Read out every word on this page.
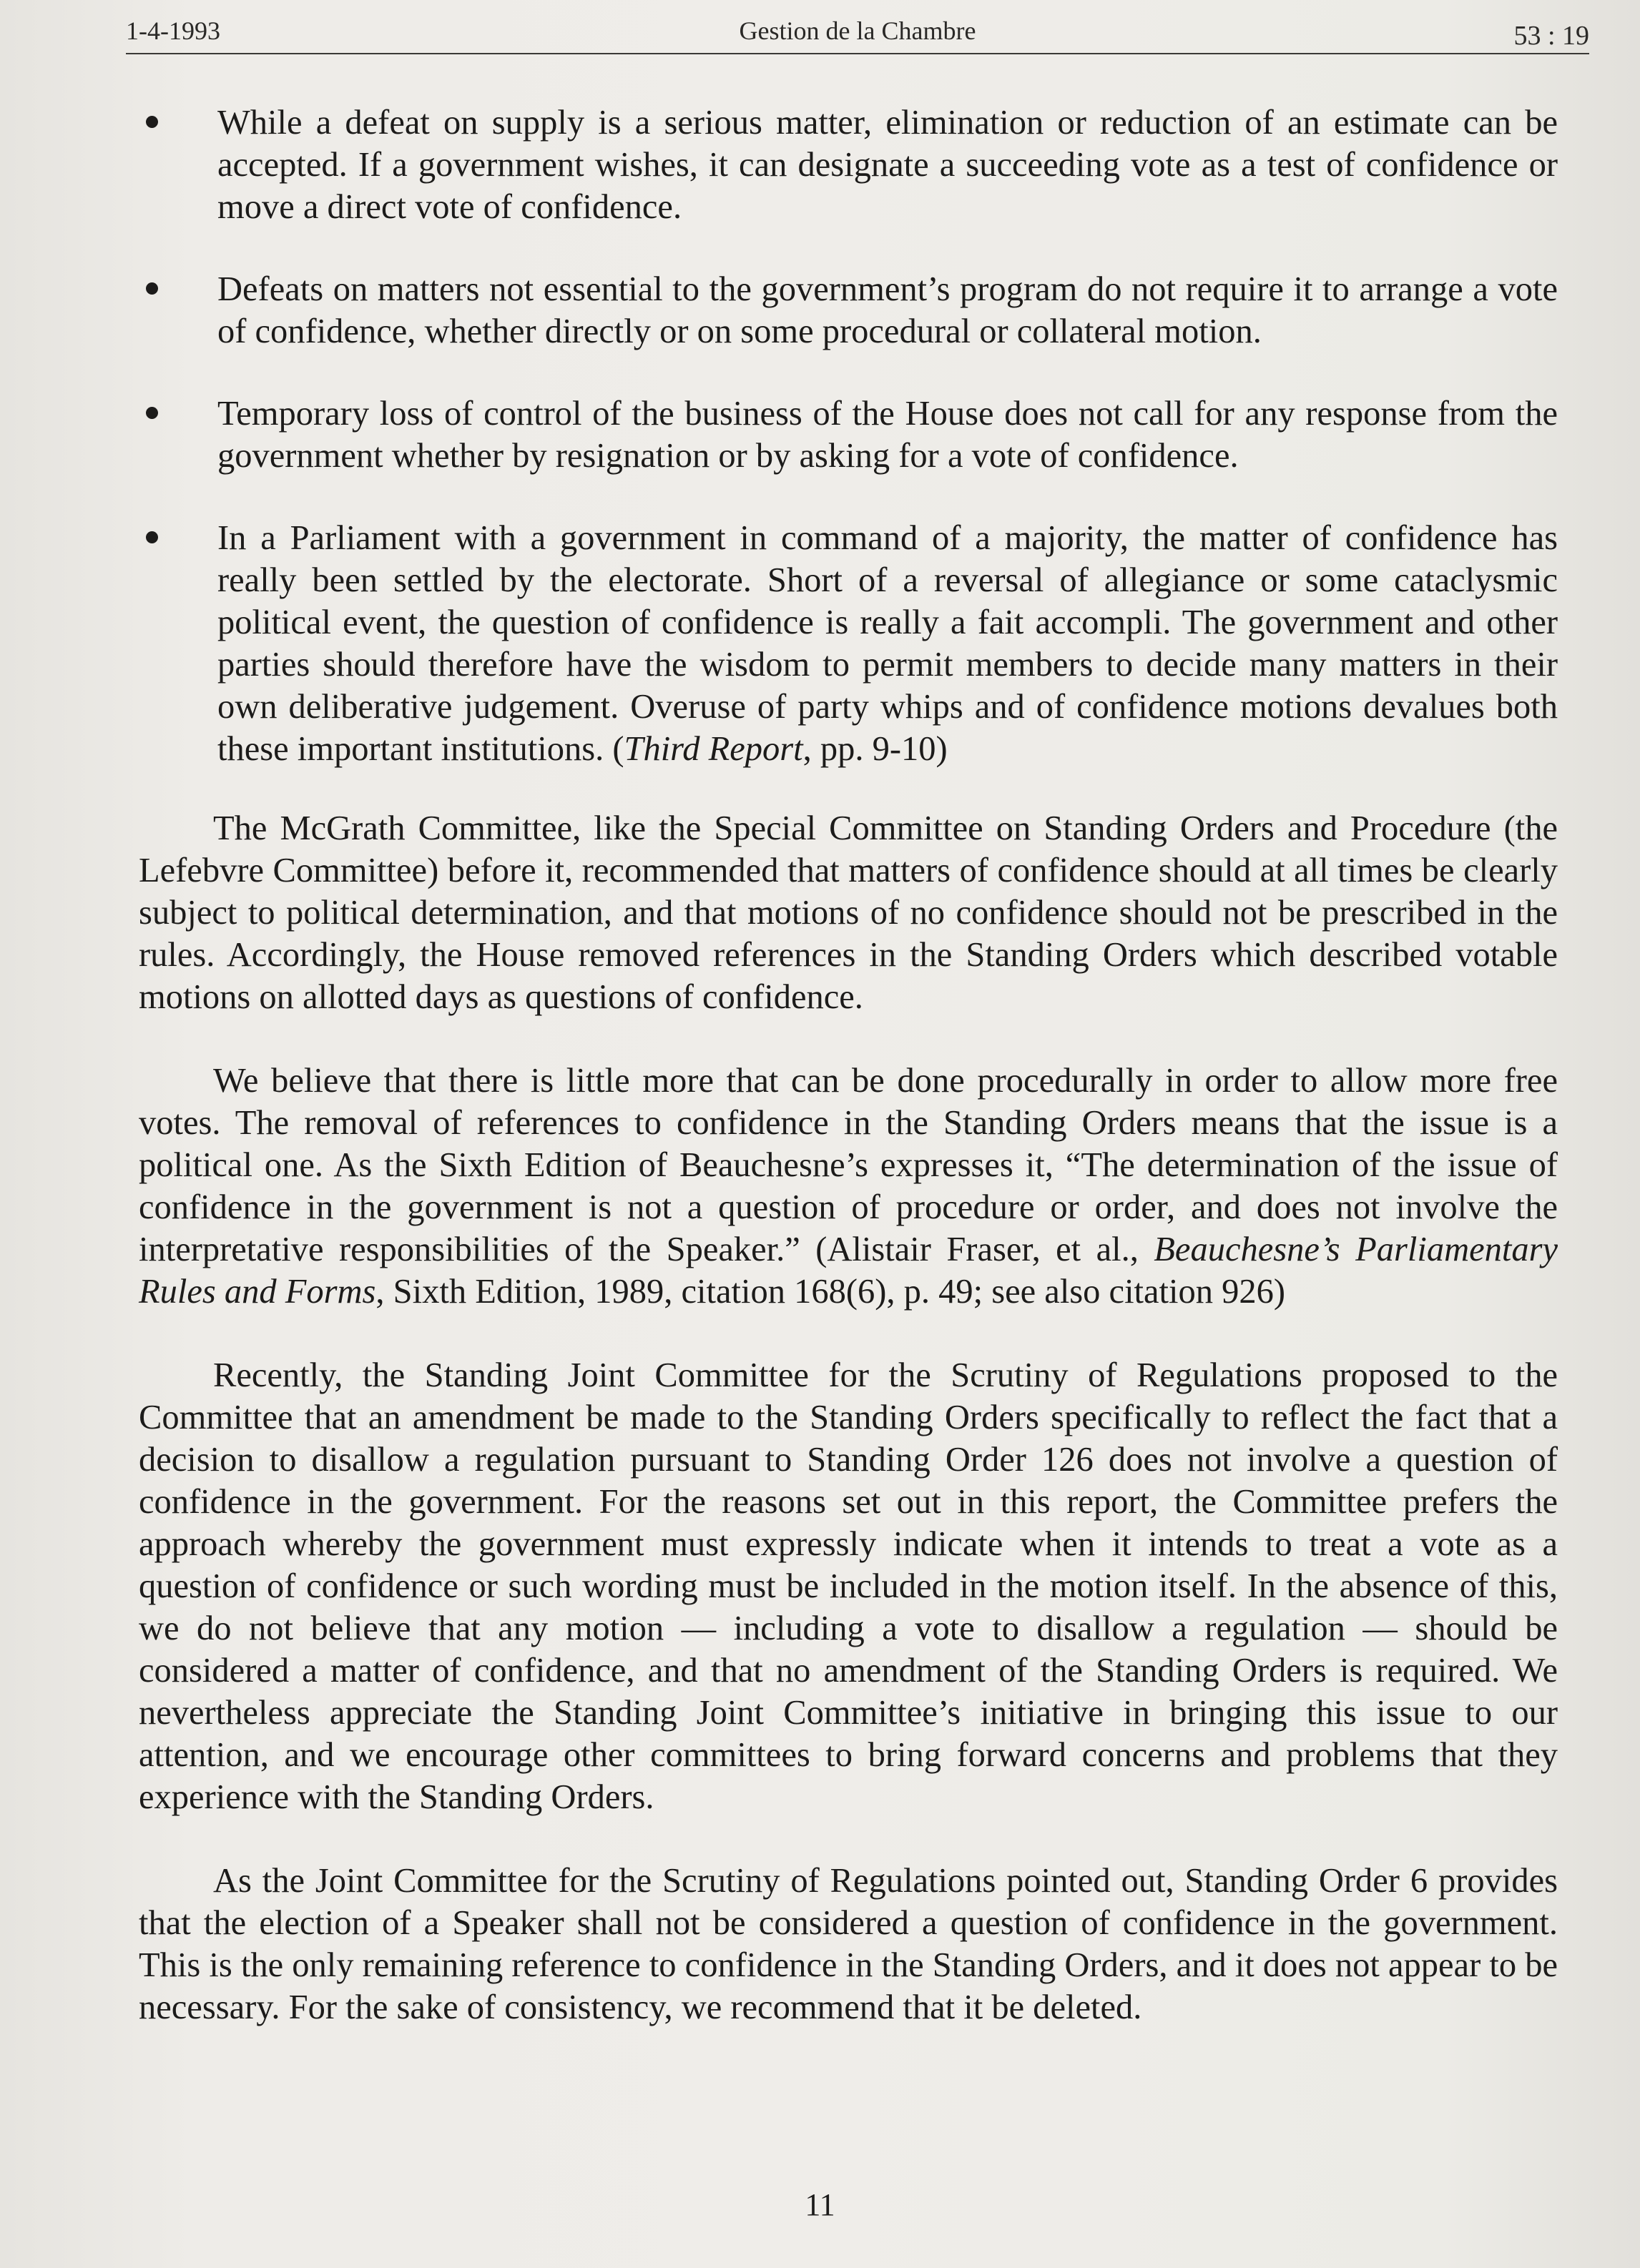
1-4-1993	Gestion de la Chambre	53 : 19
While a defeat on supply is a serious matter, elimination or reduction of an estimate can be accepted. If a government wishes, it can designate a succeeding vote as a test of confidence or move a direct vote of confidence.
Defeats on matters not essential to the government’s program do not require it to arrange a vote of confidence, whether directly or on some procedural or collateral motion.
Temporary loss of control of the business of the House does not call for any response from the government whether by resignation or by asking for a vote of confidence.
In a Parliament with a government in command of a majority, the matter of confidence has really been settled by the electorate. Short of a reversal of allegiance or some cataclysmic political event, the question of confidence is really a fait accompli. The government and other parties should therefore have the wisdom to permit members to decide many matters in their own deliberative judgement. Overuse of party whips and of confidence motions devalues both these important institutions. (Third Report, pp. 9-10)

The McGrath Committee, like the Special Committee on Standing Orders and Procedure (the Lefebvre Committee) before it, recommended that matters of confidence should at all times be clearly subject to political determination, and that motions of no confidence should not be prescribed in the rules. Accordingly, the House removed references in the Standing Orders which described votable motions on allotted days as questions of confidence.

We believe that there is little more that can be done procedurally in order to allow more free votes. The removal of references to confidence in the Standing Orders means that the issue is a political one. As the Sixth Edition of Beauchesne’s expresses it, “The determination of the issue of confidence in the government is not a question of procedure or order, and does not involve the interpretative responsibilities of the Speaker.” (Alistair Fraser, et al., Beauchesne’s Parliamentary Rules and Forms, Sixth Edition, 1989, citation 168(6), p. 49; see also citation 926)

Recently, the Standing Joint Committee for the Scrutiny of Regulations proposed to the Committee that an amendment be made to the Standing Orders specifically to reflect the fact that a decision to disallow a regulation pursuant to Standing Order 126 does not involve a question of confidence in the government. For the reasons set out in this report, the Committee prefers the approach whereby the government must expressly indicate when it intends to treat a vote as a question of confidence or such wording must be included in the motion itself. In the absence of this, we do not believe that any motion — including a vote to disallow a regulation — should be considered a matter of confidence, and that no amendment of the Standing Orders is required. We nevertheless appreciate the Standing Joint Committee’s initiative in bringing this issue to our attention, and we encourage other committees to bring forward concerns and problems that they experience with the Standing Orders.

As the Joint Committee for the Scrutiny of Regulations pointed out, Standing Order 6 provides that the election of a Speaker shall not be considered a question of confidence in the government. This is the only remaining reference to confidence in the Standing Orders, and it does not appear to be necessary. For the sake of consistency, we recommend that it be deleted.

11
